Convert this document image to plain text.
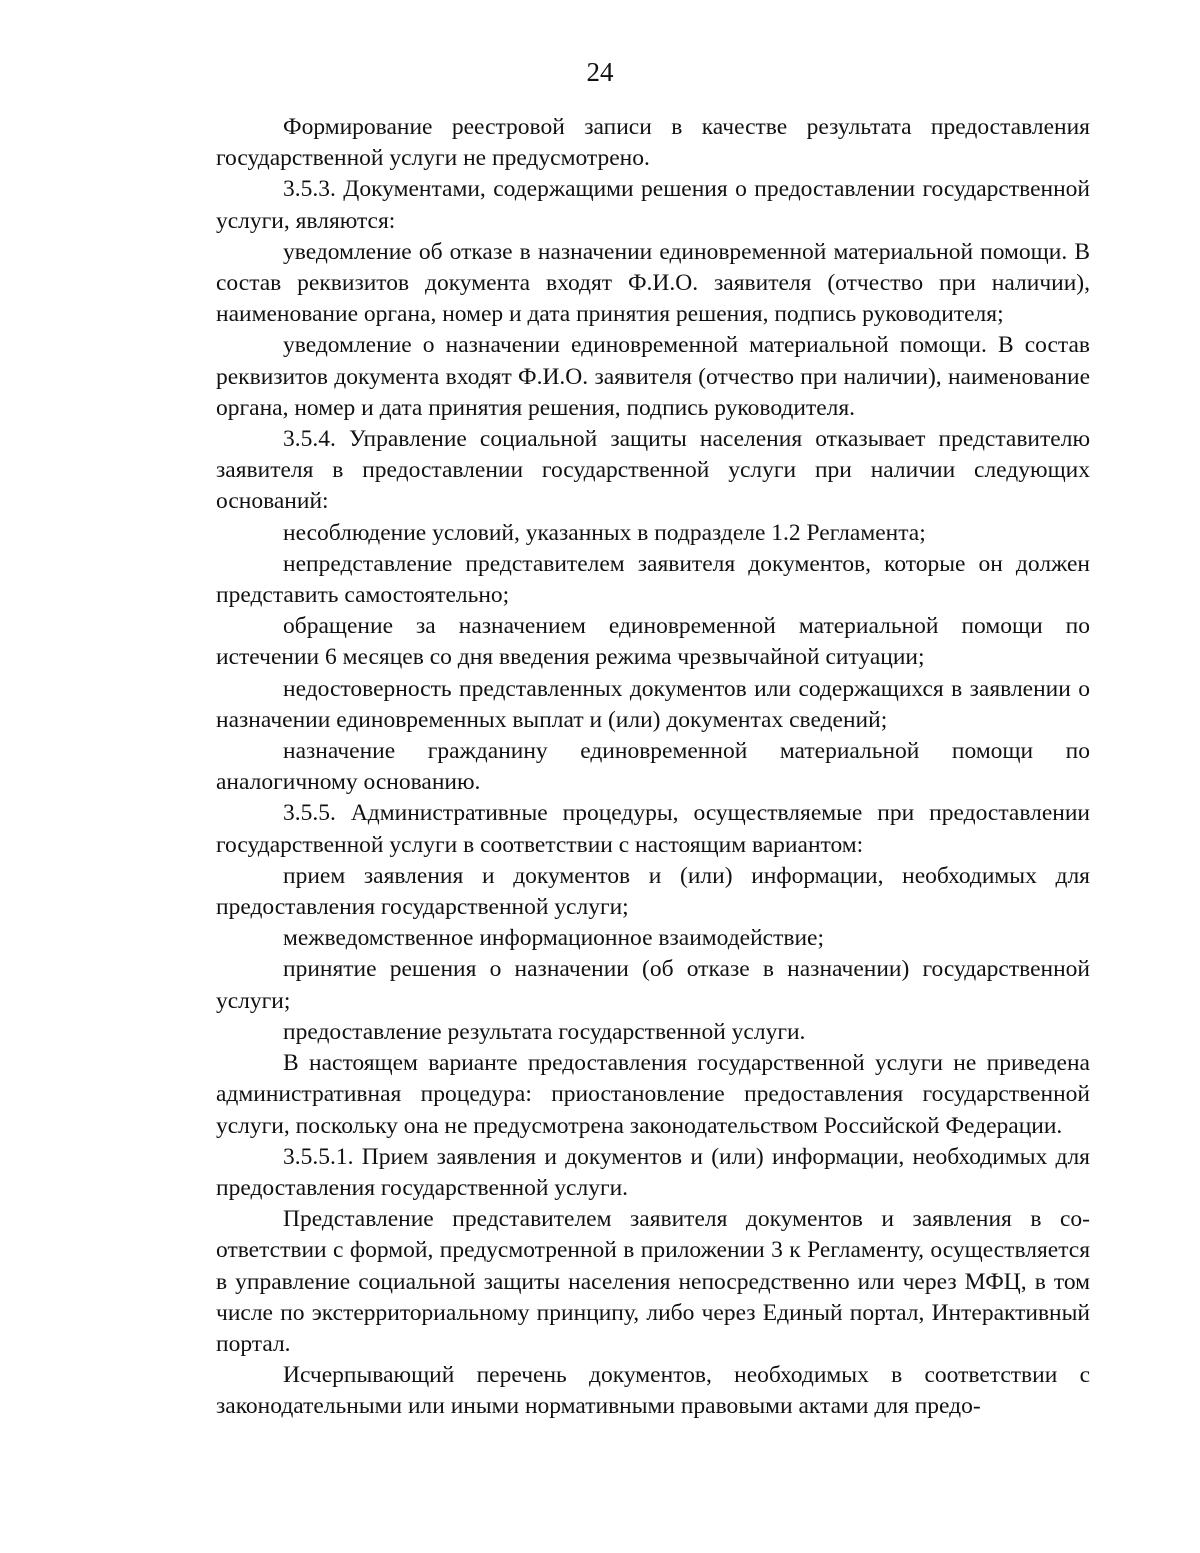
24

Формирование реестровой записи в качестве результата предоставления государственной услуги не предусмотрено.

3.5.3. Документами, содержащими решения о предоставлении государственной услуги, являются:

уведомление об отказе в назначении единовременной материальной помощи. В состав реквизитов документа входят Ф.И.О. заявителя (отчество при наличии), наименование органа, номер и дата принятия решения, подпись руководителя;

уведомление о назначении единовременной материальной помощи. В состав реквизитов документа входят Ф.И.О. заявителя (отчество при наличии), наименование органа, номер и дата принятия решения, подпись руководителя.

3.5.4. Управление социальной защиты населения отказывает представителю заявителя в предоставлении государственной услуги при наличии следующих оснований:

несоблюдение условий, указанных в подразделе 1.2 Регламента;

непредставление представителем заявителя документов, которые он должен представить самостоятельно;

обращение за назначением единовременной материальной помощи по истечении 6 месяцев со дня введения режима чрезвычайной ситуации;

недостоверность представленных документов или содержащихся в заявлении о назначении единовременных выплат и (или) документах сведений;

назначение гражданину единовременной материальной помощи по аналогичному основанию.

3.5.5. Административные процедуры, осуществляемые при предоставлении государственной услуги в соответствии с настоящим вариантом:

прием заявления и документов и (или) информации, необходимых для предоставления государственной услуги;

межведомственное информационное взаимодействие;

принятие решения о назначении (об отказе в назначении) государственной услуги;

предоставление результата государственной услуги.

В настоящем варианте предоставления государственной услуги не приведена административная процедура: приостановление предоставления государственной услуги, поскольку она не предусмотрена законодательством Российской Федерации.

3.5.5.1. Прием заявления и документов и (или) информации, необходимых для предоставления государственной услуги.

Представление представителем заявителя документов и заявления в соответствии с формой, предусмотренной в приложении 3 к Регламенту, осуществляется в управление социальной защиты населения непосредственно или через МФЦ, в том числе по экстерриториальному принципу, либо через Единый портал, Интерактивный портал.

Исчерпывающий перечень документов, необходимых в соответствии с законодательными или иными нормативными правовыми актами для предо-
